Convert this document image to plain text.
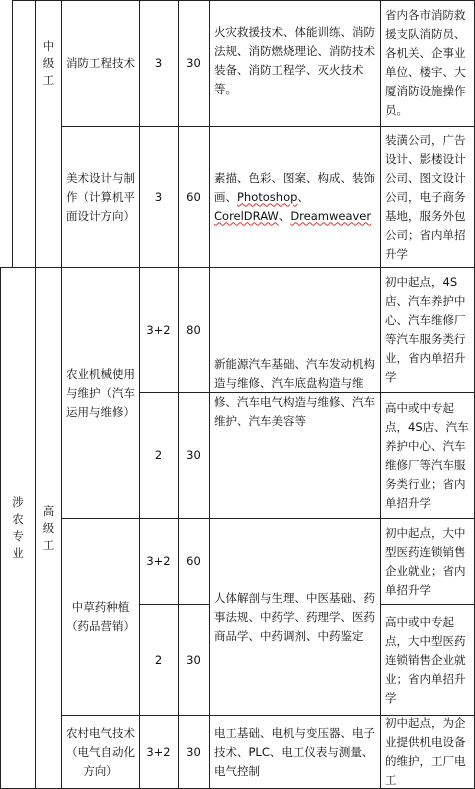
中级工
涉农专业
高级工
消防工程技术 3 30
火灾救援技术、体能训练、消防法规、消防燃烧理论、消防技术装备、消防工程学、灭火技术等。
省内各市消防救援支队消防员、各机关、企事业单位、楼宇、大厦消防设施操作员。
美术设计与制作（计算机平面设计方向）
3 60
素描、色彩、图案、构成、装饰画、Photoshop、CorelDRAW、Dreamweaver
装潢公司，广告设计、影楼设计公司、图文设计公司，电子商务基地，服务外包公司；省内单招升学
农业机械使用与维护（汽车运用与维修）
3+2 80
2 30
新能源汽车基础、汽车发动机构造与维修、汽车底盘构造与维修、汽车电气构造与维修、汽车维护、汽车美容等
初中起点，4S店、汽车养护中心、汽车维修厂等汽车服务类行业，省内单招升学
高中或中专起点，4S店、汽车养护中心、汽车维修厂等汽车服务类行业；省内单招升学
中草药种植（药品营销）
3+2 60
2 30
人体解剖与生理、中医基础、药事法规、中药学、药理学、医药商品学、中药调剂、中药鉴定
初中起点，大中型医药连锁销售企业就业；省内单招升学
高中或中专起点，大中型医药连锁销售企业就业；省内单招升学
农村电气技术（电气自动化方向）
3+2 30
电工基础、电机与变压器、电子技术、PLC、电工仪表与测量、电气控制
初中起点，为企业提供机电设备的维护，工厂电工
